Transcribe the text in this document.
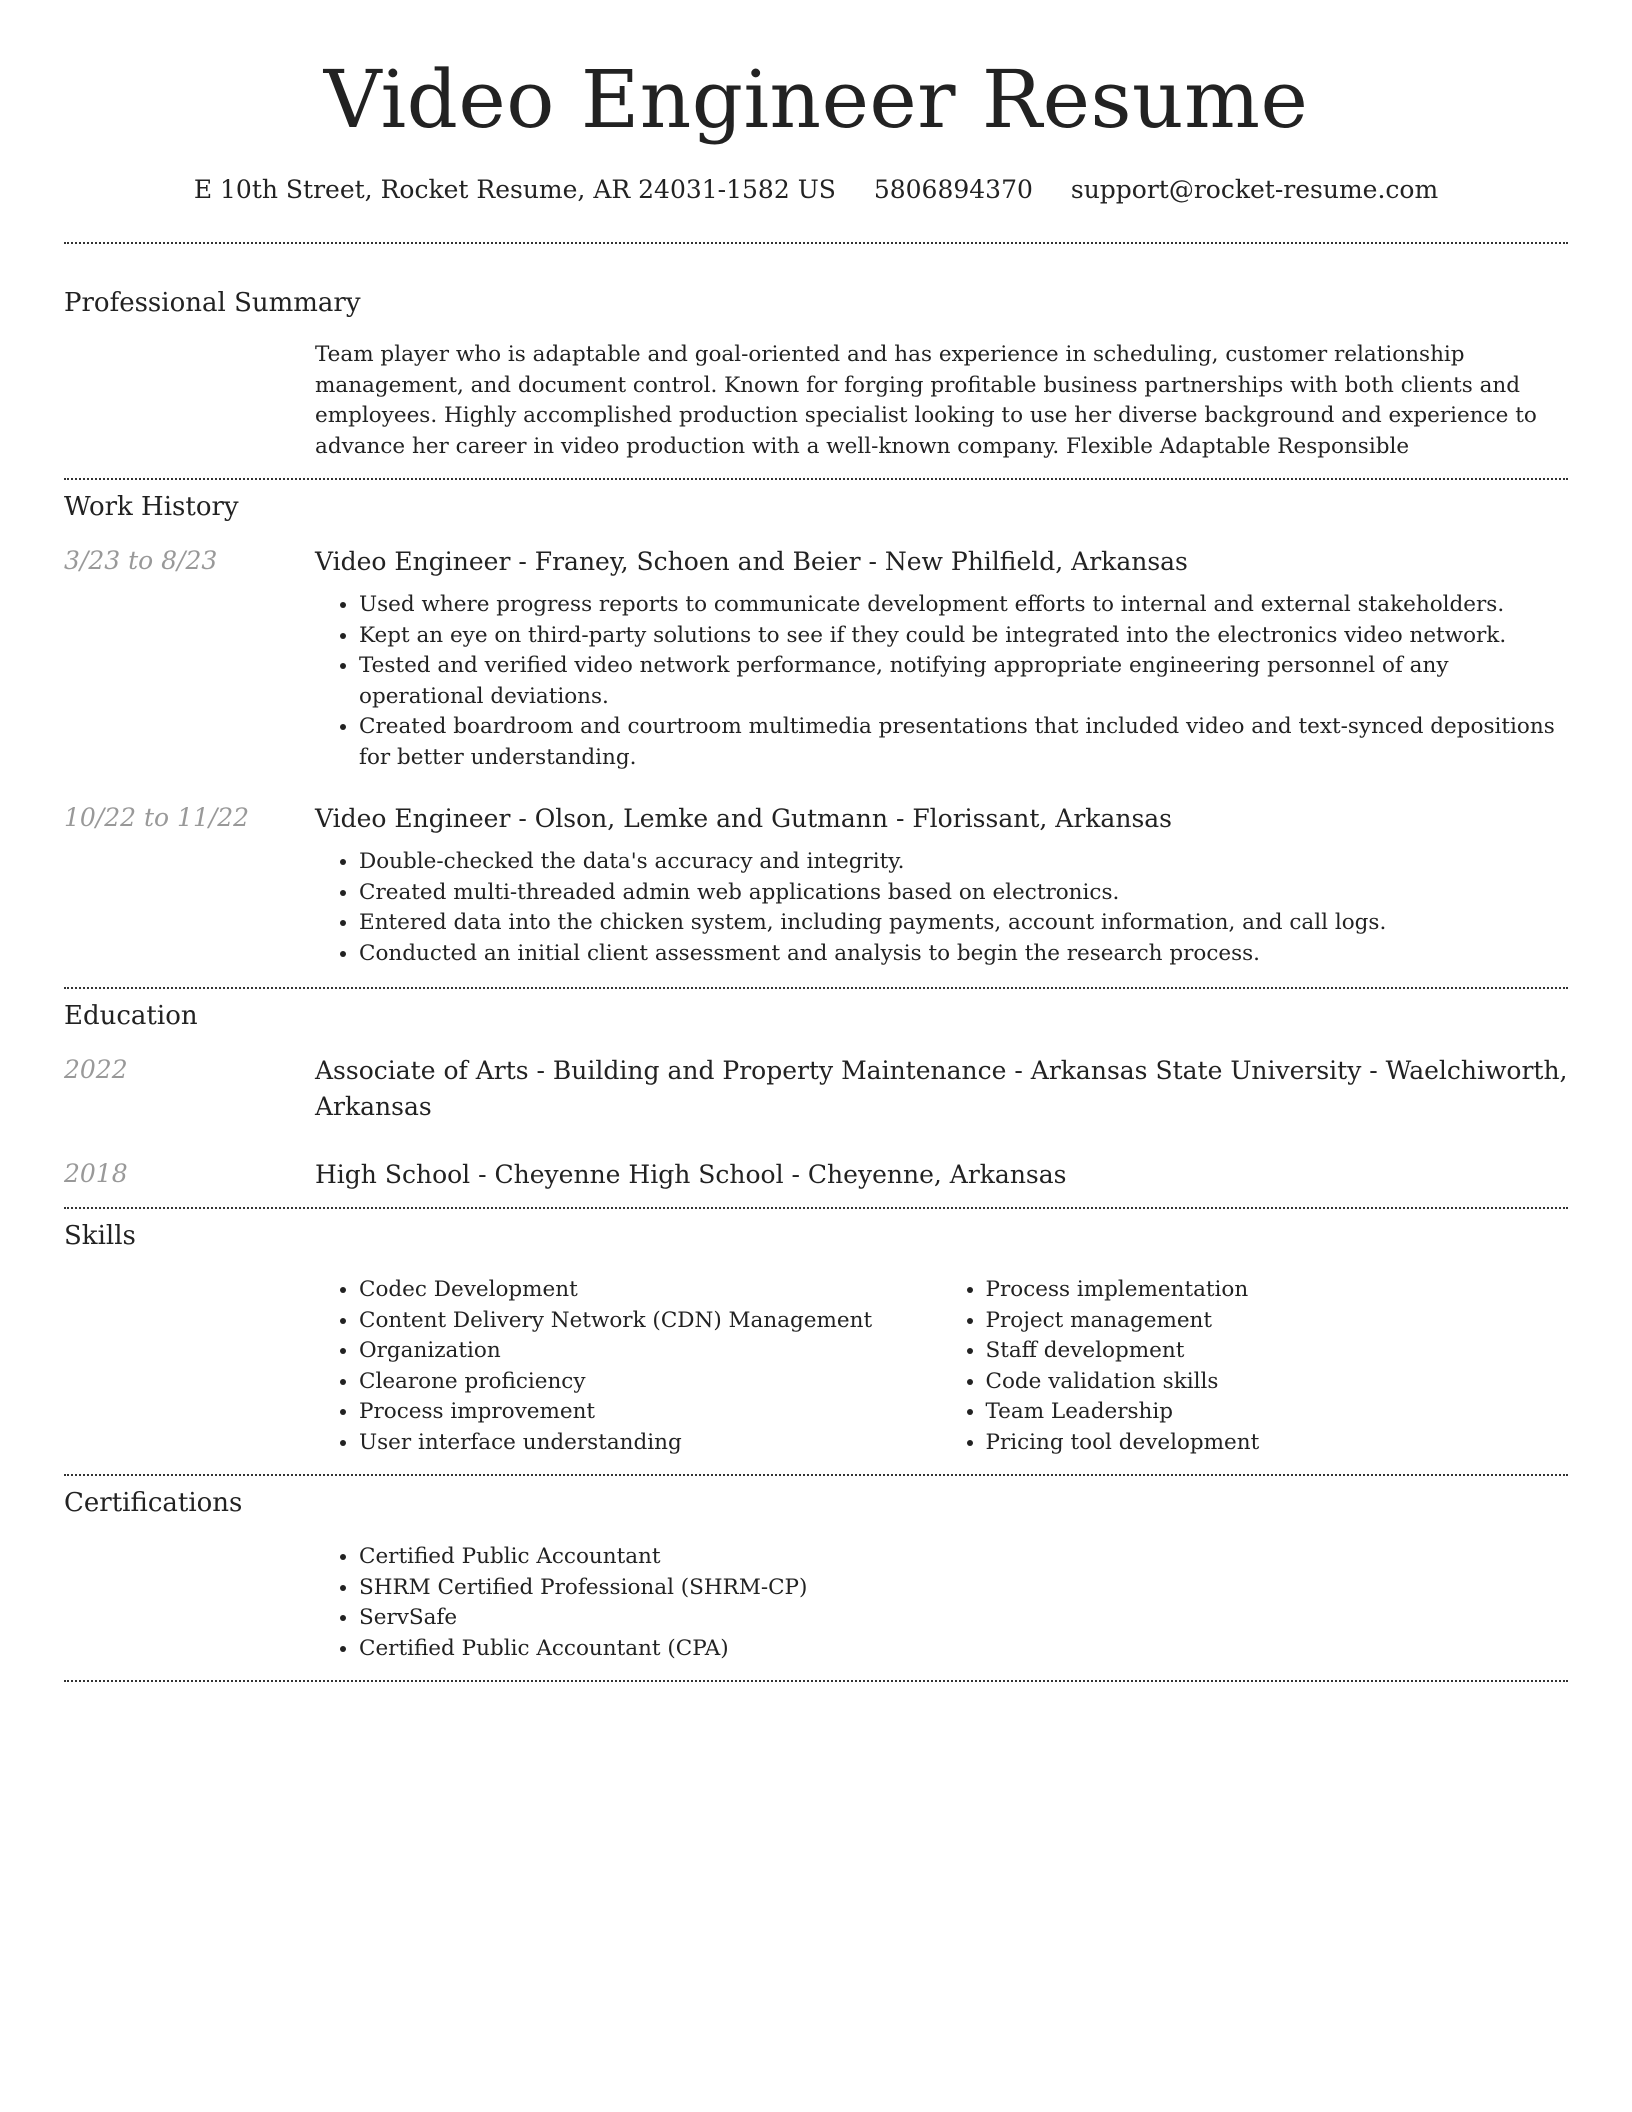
Video Engineer Resume
E 10th Street, Rocket Resume, AR 24031-1582 US 5806894370 support@rocket-resume.com
Professional Summary

Team player who is adaptable and goal-oriented and has experience in scheduling, customer relationship management, and document control. Known for forging profitable business partnerships with both clients and employees. Highly accomplished production specialist looking to use her diverse background and experience to advance her career in video production with a well-known company. Flexible Adaptable Responsible

Work History
3/23 to 8/23	Video Engineer - Franey, Schoen and Beier - New Philfield, Arkansas

• Used where progress reports to communicate development efforts to internal and external stakeholders.
• Kept an eye on third-party solutions to see if they could be integrated into the electronics video network.
• Tested and verified video network performance, notifying appropriate engineering personnel of any operational deviations.
• Created boardroom and courtroom multimedia presentations that included video and text-synced depositions for better understanding.
10/22 to 11/22	Video Engineer - Olson, Lemke and Gutmann - Florissant, Arkansas

• Double-checked the data's accuracy and integrity.
• Created multi-threaded admin web applications based on electronics.
• Entered data into the chicken system, including payments, account information, and call logs.
• Conducted an initial client assessment and analysis to begin the research process.
Education
2022	Associate of Arts - Building and Property Maintenance - Arkansas State University - Waelchiworth, Arkansas

2018	High School - Cheyenne High School - Cheyenne, Arkansas

Skills
• Codec Development
• Content Delivery Network (CDN) Management
• Organization
• Clearone proficiency
• Process improvement
• User interface understanding
• Process implementation
• Project management
• Staff development
• Code validation skills
• Team Leadership
• Pricing tool development
Certifications
• Certified Public Accountant
• SHRM Certified Professional (SHRM-CP)
• ServSafe
• Certified Public Accountant (CPA)
